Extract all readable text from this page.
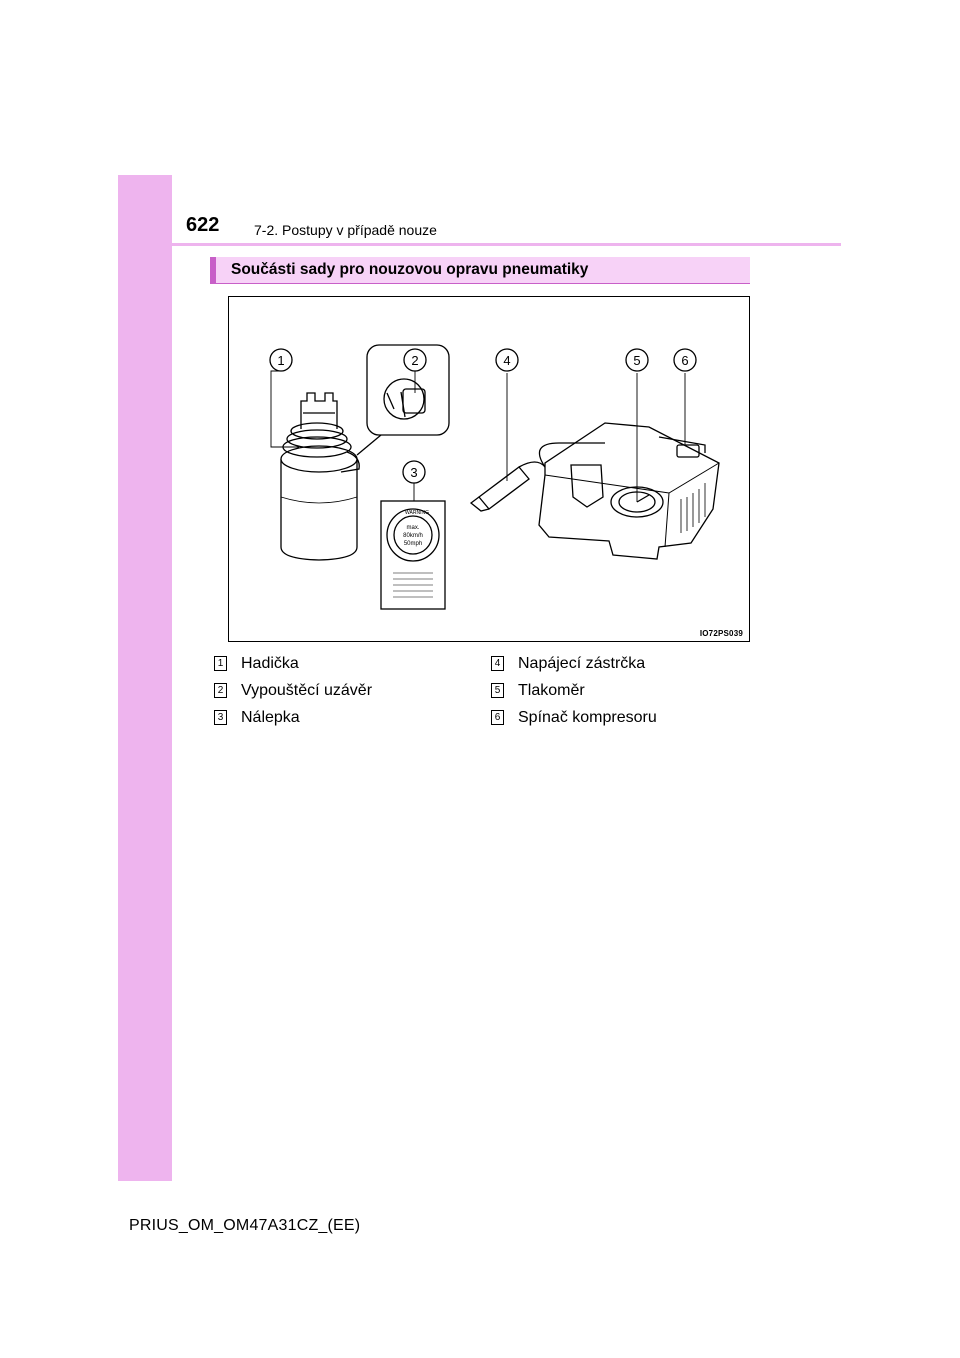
622 7-2. Postupy v případě nouze
Součásti sady pro nouzovou opravu pneumatiky
max.
80km/h
50mph
1	2
3
4	5	6
WARNING
IO72PS039
1 Hadička
2 Vypouštěcí uzávěr
3 Nálepka
4 Napájecí zástrčka
5 Tlakoměr
6 Spínač kompresoru
PRIUS_OM_OM47A31CZ_(EE)
